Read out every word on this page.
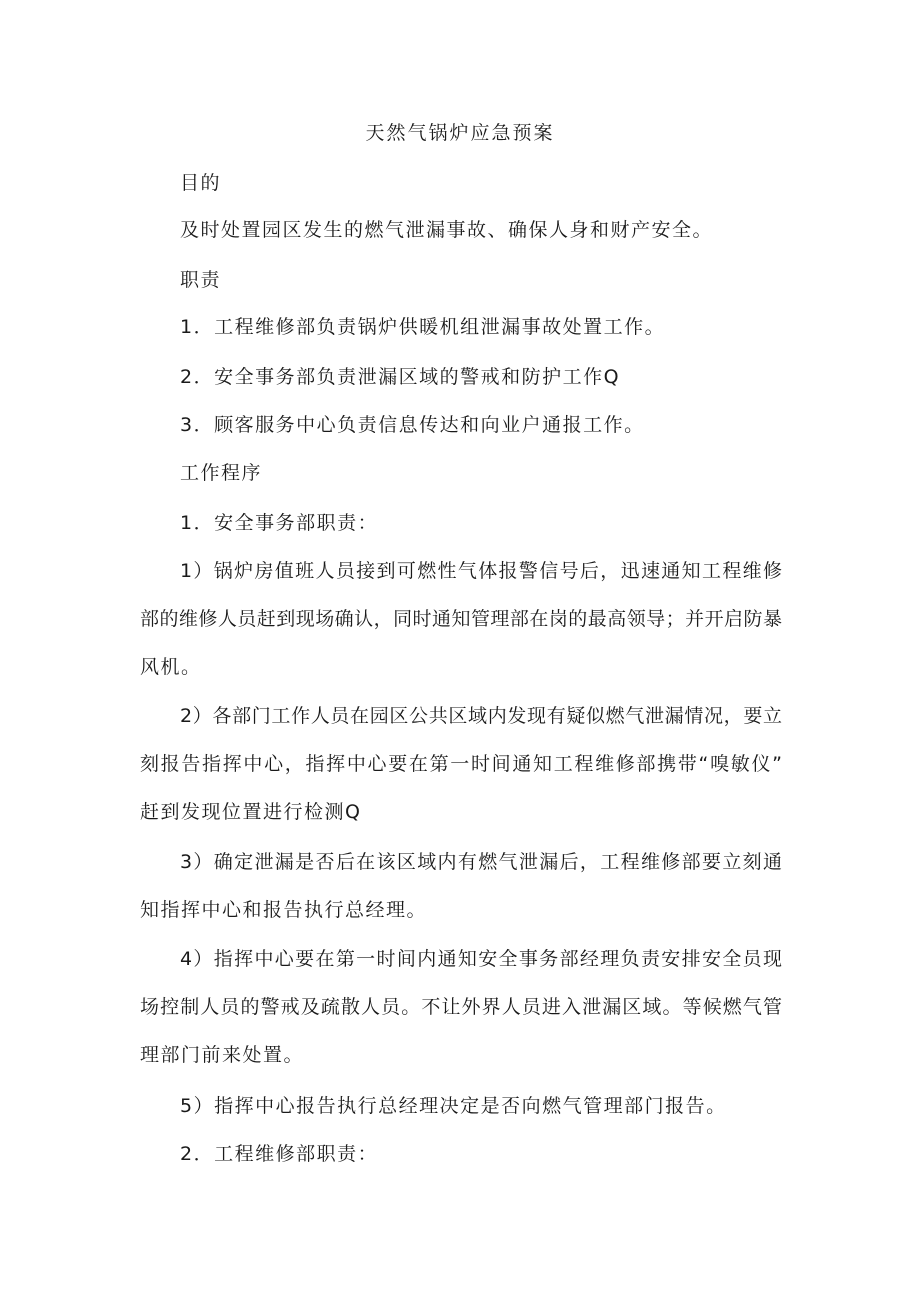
天然气锅炉应急预案
目的
及时处置园区发生的燃气泄漏事故、确保人身和财产安全。
职责
1．工程维修部负责锅炉供暖机组泄漏事故处置工作。
2．安全事务部负责泄漏区域的警戒和防护工作Q
3．顾客服务中心负责信息传达和向业户通报工作。
工作程序
1．安全事务部职责：
1）锅炉房值班人员接到可燃性气体报警信号后，迅速通知工程维修
部的维修人员赶到现场确认，同时通知管理部在岗的最高领导；并开启防暴
风机。
2）各部门工作人员在园区公共区域内发现有疑似燃气泄漏情况，要立
刻报告指挥中心，指挥中心要在第一时间通知工程维修部携带“嗅敏仪”
赶到发现位置进行检测Q
3）确定泄漏是否后在该区域内有燃气泄漏后，工程维修部要立刻通
知指挥中心和报告执行总经理。
4）指挥中心要在第一时间内通知安全事务部经理负责安排安全员现
场控制人员的警戒及疏散人员。不让外界人员进入泄漏区域。等候燃气管
理部门前来处置。
5）指挥中心报告执行总经理决定是否向燃气管理部门报告。
2．工程维修部职责：
